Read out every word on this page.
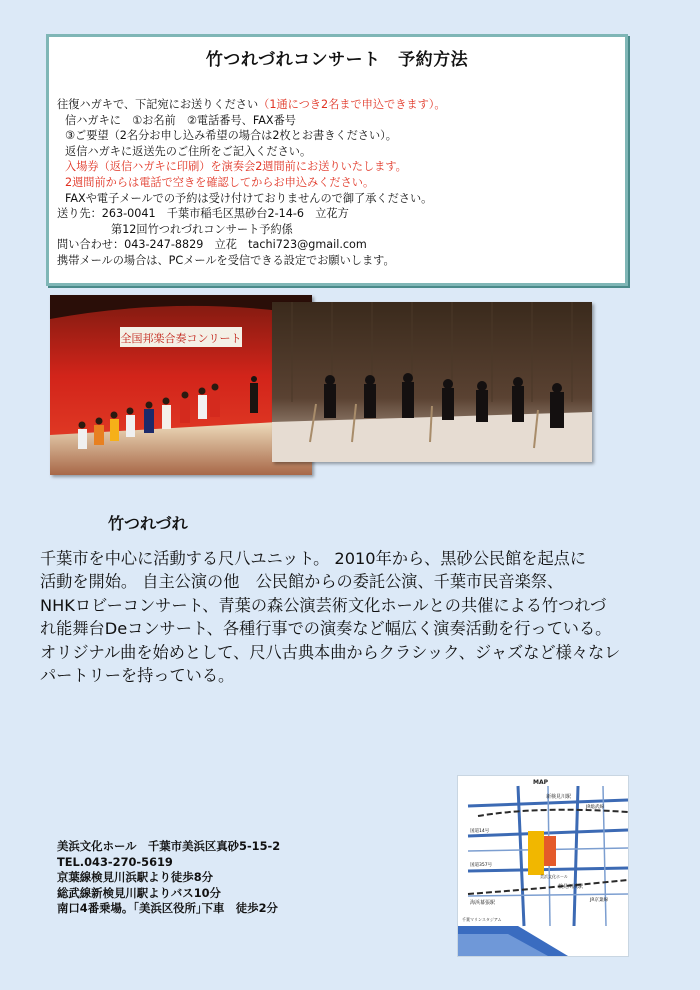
竹つれづれコンサート　予約方法
往復ハガキで、下記宛にお送りください（1通につき2名まで申込できます）。
信ハガキに　①お名前　②電話番号、FAX番号
③ご要望（2名分お申し込み希望の場合は2枚とお書きください）。
返信ハガキに返送先のご住所をご記入ください。
入場券（返信ハガキに印刷）を演奏会2週間前にお送りいたします。
2週間前からは電話で空きを確認してからお申込みください。
FAXや電子メールでの予約は受け付けておりませんので御了承ください。
送り先：263-0041　千葉市稲毛区黒砂台2-14-6　立花方
第12回竹つれづれコンサート予約係
問い合わせ：043-247-8829　立花　tachi723@gmail.com
携帯メールの場合は、PCメールを受信できる設定でお願いします。
全国邦楽合奏コンリート
竹つれづれ
千葉市を中心に活動する尺八ユニット。 2010年から、黒砂公民館を起点に
活動を開始。 自主公演の他　公民館からの委託公演、千葉市民音楽祭、
NHKロビーコンサート、青葉の森公演芸術文化ホールとの共催による竹つれづ
れ能舞台Deコンサート、各種行事での演奏など幅広く演奏活動を行っている。
オリジナル曲を始めとして、尺八古典本曲からクラシック、ジャズなど様々なレ
パートリーを持っている。
美浜文化ホール　千葉市美浜区真砂5-15-2
TEL.043-270-5619
京葉線検見川浜駅より徒歩8分
総武線新検見川駅よりバス10分
南口4番乗場。｢美浜区役所｣下車　徒歩2分
MAP
新検見川駅
JR総武線
国道14号
国道357号
検見川浜駅
JR京葉線
海浜幕張駅
千葉マリンスタジアム
美浜文化ホール
